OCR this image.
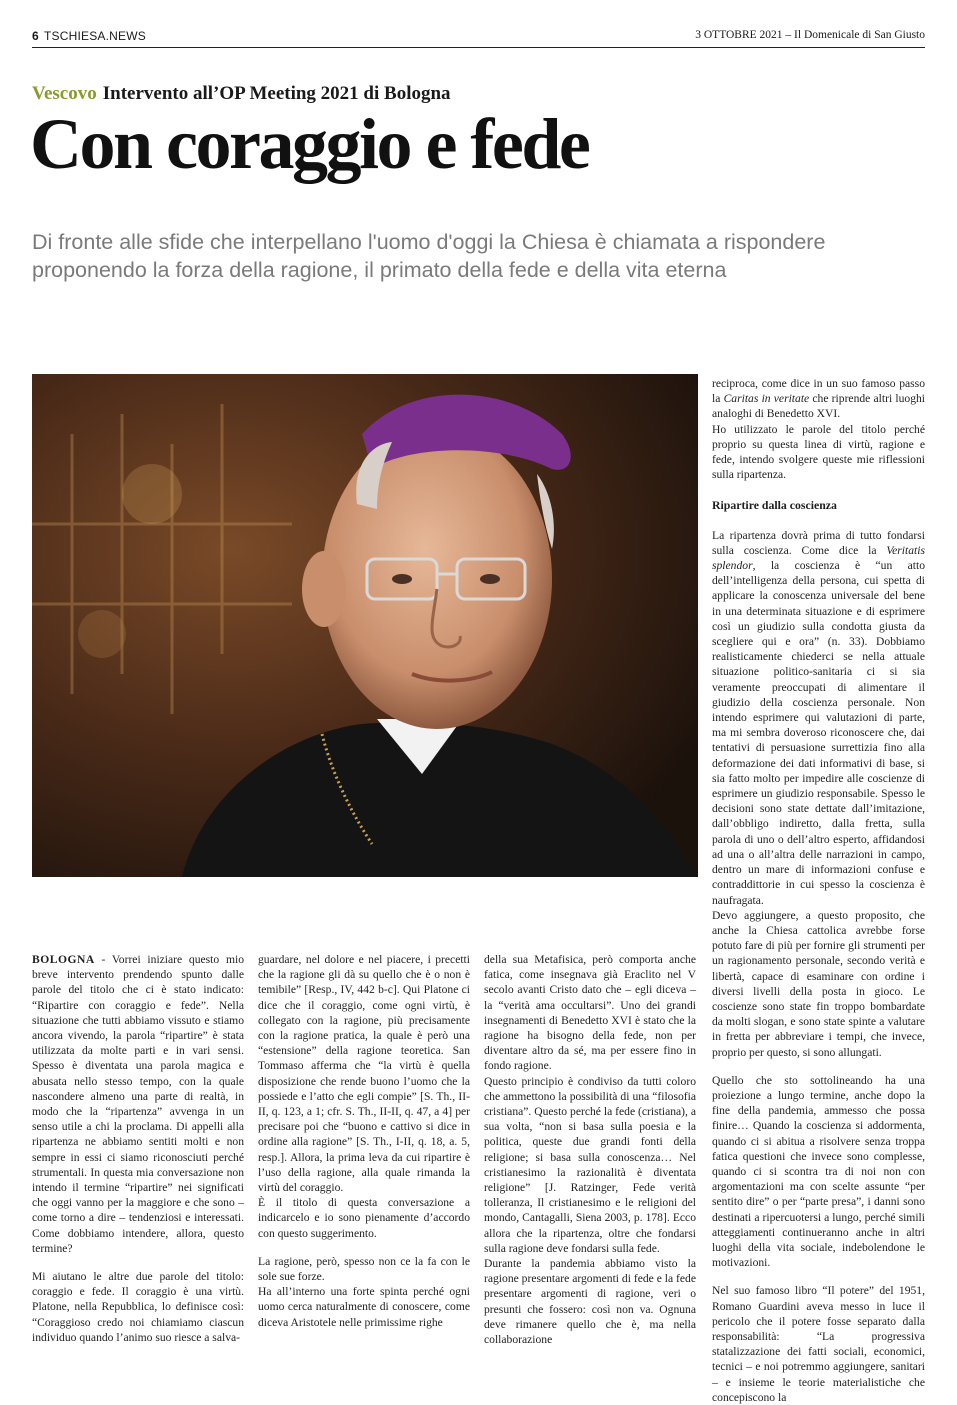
6 TSCHIESA.NEWS	3 OTTOBRE 2021 – Il Domenicale di San Giusto
Vescovo Intervento all’OP Meeting 2021 di Bologna
Con coraggio e fede
Di fronte alle sfide che interpellano l'uomo d'oggi la Chiesa è chiamata a rispondere proponendo la forza della ragione, il primato della fede e della vita eterna

BOLOGNA - Vorrei iniziare questo mio breve intervento prendendo spunto dalle parole del titolo che ci è stato indicato: “Ripartire con coraggio e fede”. Nella situazione che tutti abbiamo vissuto e stiamo ancora vivendo, la parola “ripartire” è stata utilizzata da molte parti e in vari sensi. Spesso è diventata una parola magica e abusata nello stesso tempo, con la quale nascondere almeno una parte di realtà, in modo che la “ripartenza” avvenga in un senso utile a chi la proclama. Di appelli alla ripartenza ne abbiamo sentiti molti e non sempre in essi ci siamo riconosciuti perché strumentali. In questa mia conversazione non intendo il termine “ripartire” nei significati che oggi vanno per la maggiore e che sono – come torno a dire – tendenziosi e interessati. Come dobbiamo intendere, allora, questo termine?

Mi aiutano le altre due parole del titolo: coraggio e fede. Il coraggio è una virtù. Platone, nella Repubblica, lo definisce così: “Coraggioso credo noi chiamiamo ciascun individuo quando l’animo suo riesce a salva-

guardare, nel dolore e nel piacere, i precetti che la ragione gli dà su quello che è o non è temibile” [Resp., IV, 442 b-c]. Qui Platone ci dice che il coraggio, come ogni virtù, è collegato con la ragione, più precisamente con la ragione pratica, la quale è però una “estensione” della ragione teoretica. San Tommaso afferma che “la virtù è quella disposizione che rende buono l’uomo che la possiede e l’atto che egli compie” [S. Th., II-II, q. 123, a 1; cfr. S. Th., II-II, q. 47, a 4] per precisare poi che “buono e cattivo si dice in ordine alla ragione” [S. Th., I-II, q. 18, a. 5, resp.]. Allora, la prima leva da cui ripartire è l’uso della ragione, alla quale rimanda la virtù del coraggio.

È il titolo di questa conversazione a indicarcelo e io sono pienamente d’accordo con questo suggerimento.

La ragione, però, spesso non ce la fa con le sole sue forze.

Ha all’interno una forte spinta perché ogni uomo cerca naturalmente di conoscere, come diceva Aristotele nelle primissime righe

della sua Metafisica, però comporta anche fatica, come insegnava già Eraclito nel V secolo avanti Cristo dato che – egli diceva – la “verità ama occultarsi”. Uno dei grandi insegnamenti di Benedetto XVI è stato che la ragione ha bisogno della fede, non per diventare altro da sé, ma per essere fino in fondo ragione.

Questo principio è condiviso da tutti coloro che ammettono la possibilità di una “filosofia cristiana”. Questo perché la fede (cristiana), a sua volta, “non si basa sulla poesia e la politica, queste due grandi fonti della religione; si basa sulla conoscenza… Nel cristianesimo la razionalità è diventata religione” [J. Ratzinger, Fede verità tolleranza, Il cristianesimo e le religioni del mondo, Cantagalli, Siena 2003, p. 178]. Ecco allora che la ripartenza, oltre che fondarsi sulla ragione deve fondarsi sulla fede.

Durante la pandemia abbiamo visto la ragione presentare argomenti di fede e la fede presentare argomenti di ragione, veri o presunti che fossero: così non va. Ognuna deve rimanere quello che è, ma nella collaborazione

reciproca, come dice in un suo famoso passo la Caritas in veritate che riprende altri luoghi analoghi di Benedetto XVI.

Ho utilizzato le parole del titolo perché proprio su questa linea di virtù, ragione e fede, intendo svolgere queste mie riflessioni sulla ripartenza.

Ripartire dalla coscienza

La ripartenza dovrà prima di tutto fondarsi sulla coscienza. Come dice la Veritatis splendor, la coscienza è “un atto dell’intelligenza della persona, cui spetta di applicare la conoscenza universale del bene in una determinata situazione e di esprimere così un giudizio sulla condotta giusta da scegliere qui e ora” (n. 33). Dobbiamo realisticamente chiederci se nella attuale situazione politico-sanitaria ci si sia veramente preoccupati di alimentare il giudizio della coscienza personale. Non intendo esprimere qui valutazioni di parte, ma mi sembra doveroso riconoscere che, dai tentativi di persuasione surrettizia fino alla deformazione dei dati informativi di base, si sia fatto molto per impedire alle coscienze di esprimere un giudizio responsabile. Spesso le decisioni sono state dettate dall’imitazione, dall’obbligo indiretto, dalla fretta, sulla parola di uno o dell’altro esperto, affidandosi ad una o all’altra delle narrazioni in campo, dentro un mare di informazioni confuse e contraddittorie in cui spesso la coscienza è naufragata.

Devo aggiungere, a questo proposito, che anche la Chiesa cattolica avrebbe forse potuto fare di più per fornire gli strumenti per un ragionamento personale, secondo verità e libertà, capace di esaminare con ordine i diversi livelli della posta in gioco. Le coscienze sono state fin troppo bombardate da molti slogan, e sono state spinte a valutare in fretta per abbreviare i tempi, che invece, proprio per questo, si sono allungati.

Quello che sto sottolineando ha una proiezione a lungo termine, anche dopo la fine della pandemia, ammesso che possa finire… Quando la coscienza si addormenta, quando ci si abitua a risolvere senza troppa fatica questioni che invece sono complesse, quando ci si scontra tra di noi non con argomentazioni ma con scelte assunte “per sentito dire” o per “parte presa”, i danni sono destinati a ripercuotersi a lungo, perché simili atteggiamenti continueranno anche in altri luoghi della vita sociale, indebolendone le motivazioni.

Nel suo famoso libro “Il potere” del 1951, Romano Guardini aveva messo in luce il pericolo che il potere fosse separato dalla responsabilità: “La progressiva statalizzazione dei fatti sociali, economici, tecnici – e noi potremmo aggiungere, sanitari – e insieme le teorie materialistiche che concepiscono la
